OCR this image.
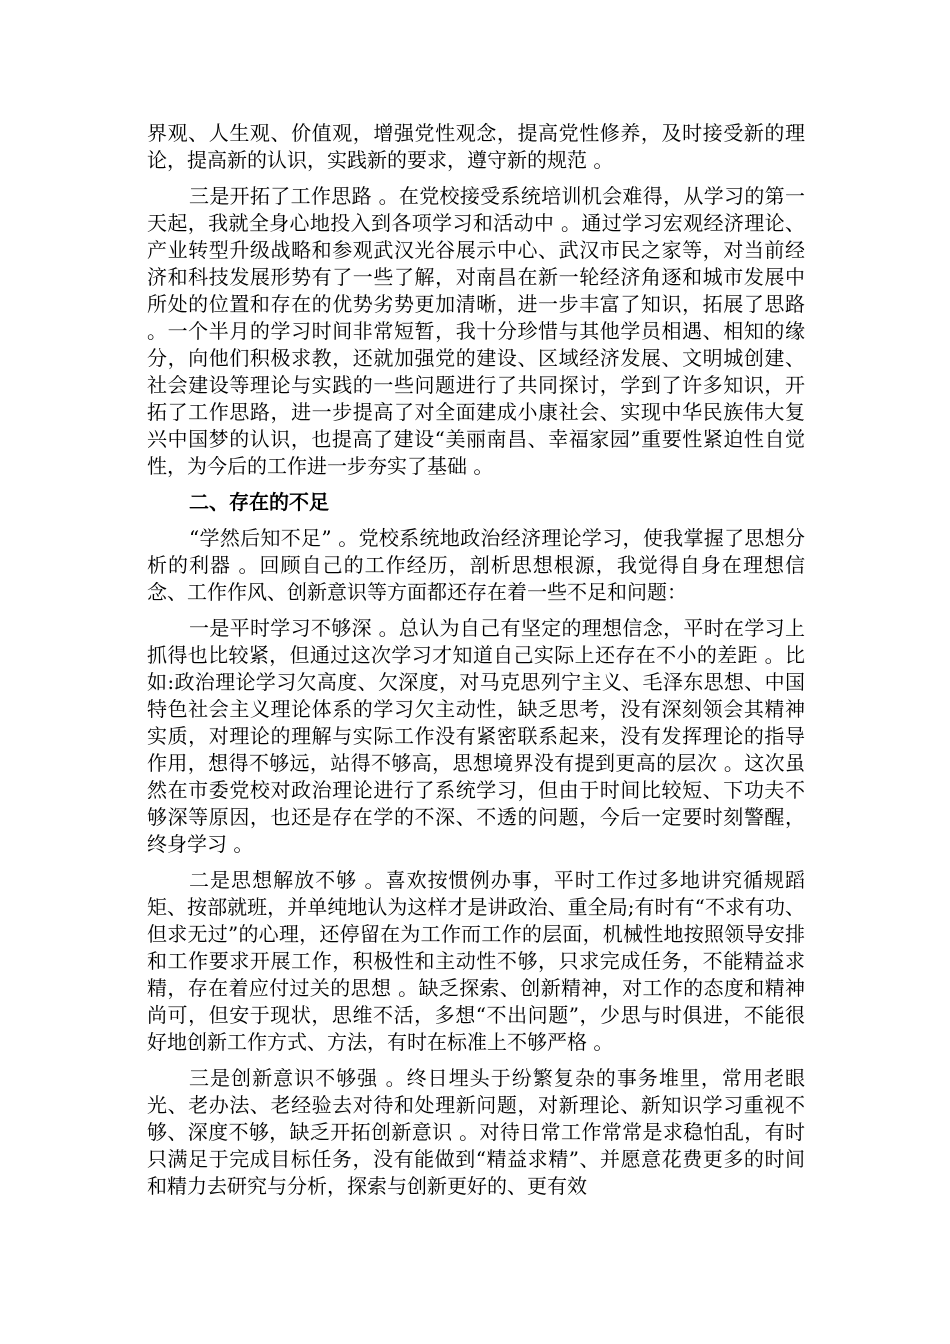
界观、人生观、价值观，增强党性观念，提高党性修养，及时接受新的理论，提高新的认识，实践新的要求，遵守新的规范 。

三是开拓了工作思路 。在党校接受系统培训机会难得，从学习的第一天起，我就全身心地投入到各项学习和活动中 。通过学习宏观经济理论、产业转型升级战略和参观武汉光谷展示中心、武汉市民之家等，对当前经济和科技发展形势有了一些了解，对南昌在新一轮经济角逐和城市发展中所处的位置和存在的优势劣势更加清晰，进一步丰富了知识，拓展了思路 。一个半月的学习时间非常短暂，我十分珍惜与其他学员相遇、相知的缘分，向他们积极求教，还就加强党的建设、区域经济发展、文明城创建、社会建设等理论与实践的一些问题进行了共同探讨，学到了许多知识，开拓了工作思路，进一步提高了对全面建成小康社会、实现中华民族伟大复兴中国梦的认识，也提高了建设“美丽南昌、幸福家园”重要性紧迫性自觉性，为今后的工作进一步夯实了基础 。

二、存在的不足

“学然后知不足” 。党校系统地政治经济理论学习，使我掌握了思想分析的利器 。回顾自己的工作经历，剖析思想根源，我觉得自身在理想信念、工作作风、创新意识等方面都还存在着一些不足和问题：

一是平时学习不够深 。总认为自己有坚定的理想信念，平时在学习上抓得也比较紧，但通过这次学习才知道自己实际上还存在不小的差距 。比如:政治理论学习欠高度、欠深度，对马克思列宁主义、毛泽东思想、中国特色社会主义理论体系的学习欠主动性，缺乏思考，没有深刻领会其精神实质，对理论的理解与实际工作没有紧密联系起来，没有发挥理论的指导作用，想得不够远，站得不够高，思想境界没有提到更高的层次 。这次虽然在市委党校对政治理论进行了系统学习，但由于时间比较短、下功夫不够深等原因，也还是存在学的不深、不透的问题，今后一定要时刻警醒，终身学习 。

二是思想解放不够 。喜欢按惯例办事，平时工作过多地讲究循规蹈矩、按部就班，并单纯地认为这样才是讲政治、重全局;有时有“不求有功、但求无过”的心理，还停留在为工作而工作的层面，机械性地按照领导安排和工作要求开展工作，积极性和主动性不够，只求完成任务，不能精益求精，存在着应付过关的思想 。缺乏探索、创新精神，对工作的态度和精神尚可，但安于现状，思维不活，多想“不出问题”，少思与时俱进，不能很好地创新工作方式、方法，有时在标准上不够严格 。

三是创新意识不够强 。终日埋头于纷繁复杂的事务堆里，常用老眼光、老办法、老经验去对待和处理新问题，对新理论、新知识学习重视不够、深度不够，缺乏开拓创新意识 。对待日常工作常常是求稳怕乱，有时只满足于完成目标任务，没有能做到“精益求精”、并愿意花费更多的时间和精力去研究与分析，探索与创新更好的、更有效
